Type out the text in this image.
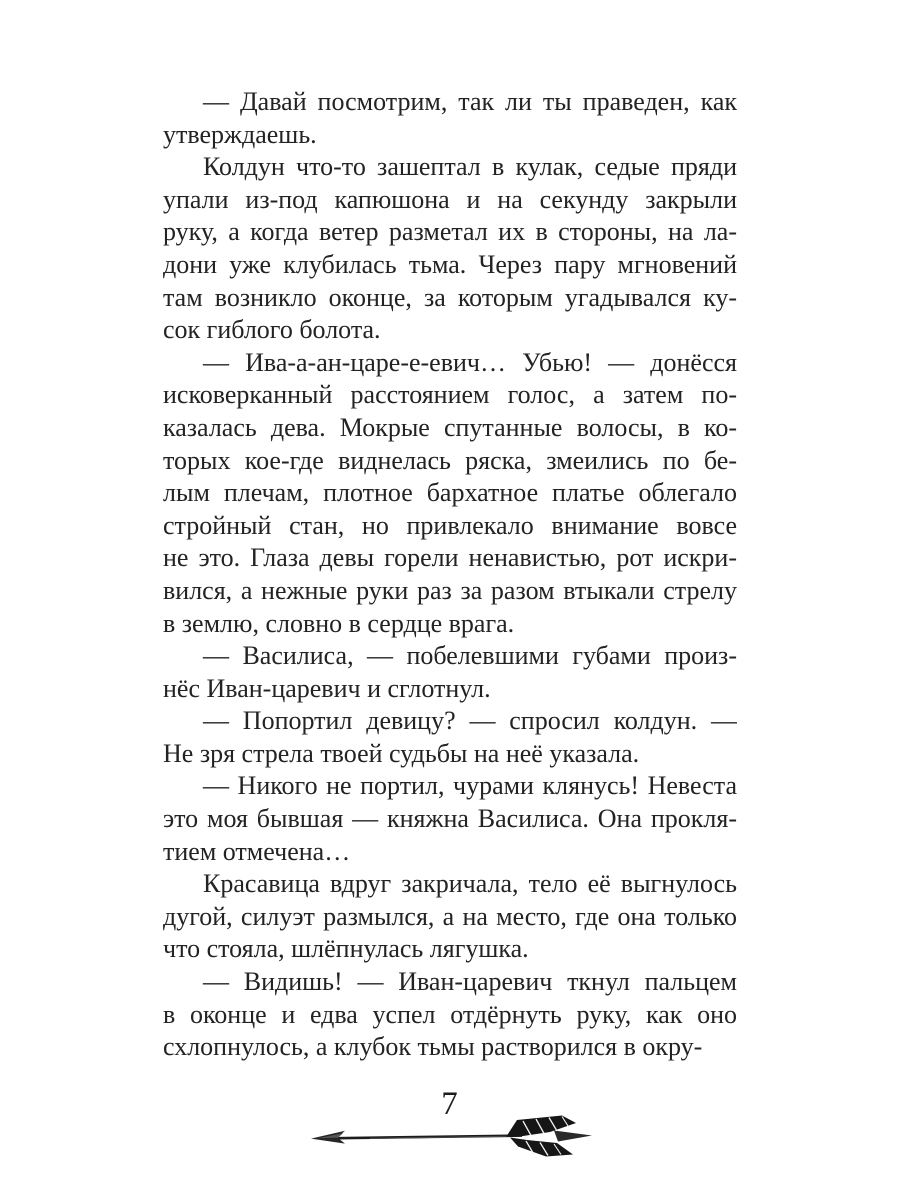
— Давай посмотрим, так ли ты праведен, как
утверждаешь.
Колдун что-то зашептал в кулак, седые пряди
упали из-под капюшона и на секунду закрыли
руку, а когда ветер разметал их в стороны, на ла-
дони уже клубилась тьма. Через пару мгновений
там возникло оконце, за которым угадывался ку-
сок гиблого болота.
— Ива-а-ан-царе-е-евич… Убью! — донёсся
исковерканный расстоянием голос, а затем по-
казалась дева. Мокрые спутанные волосы, в ко-
торых кое-где виднелась ряска, змеились по бе-
лым плечам, плотное бархатное платье облегало
стройный стан, но привлекало внимание вовсе
не это. Глаза девы горели ненавистью, рот искри-
вился, а нежные руки раз за разом втыкали стрелу
в землю, словно в сердце врага.
— Василиса, — побелевшими губами произ-
нёс Иван-царевич и сглотнул.
— Попортил девицу? — спросил колдун. —
Не зря стрела твоей судьбы на неё указала.
— Никого не портил, чурами клянусь! Невеста
это моя бывшая — княжна Василиса. Она прокля-
тием отмечена…
Красавица вдруг закричала, тело её выгнулось
дугой, силуэт размылся, а на место, где она только
что стояла, шлёпнулась лягушка.
— Видишь! — Иван-царевич ткнул пальцем
в оконце и едва успел отдёрнуть руку, как оно
схлопнулось, а клубок тьмы растворился в окру-
7
